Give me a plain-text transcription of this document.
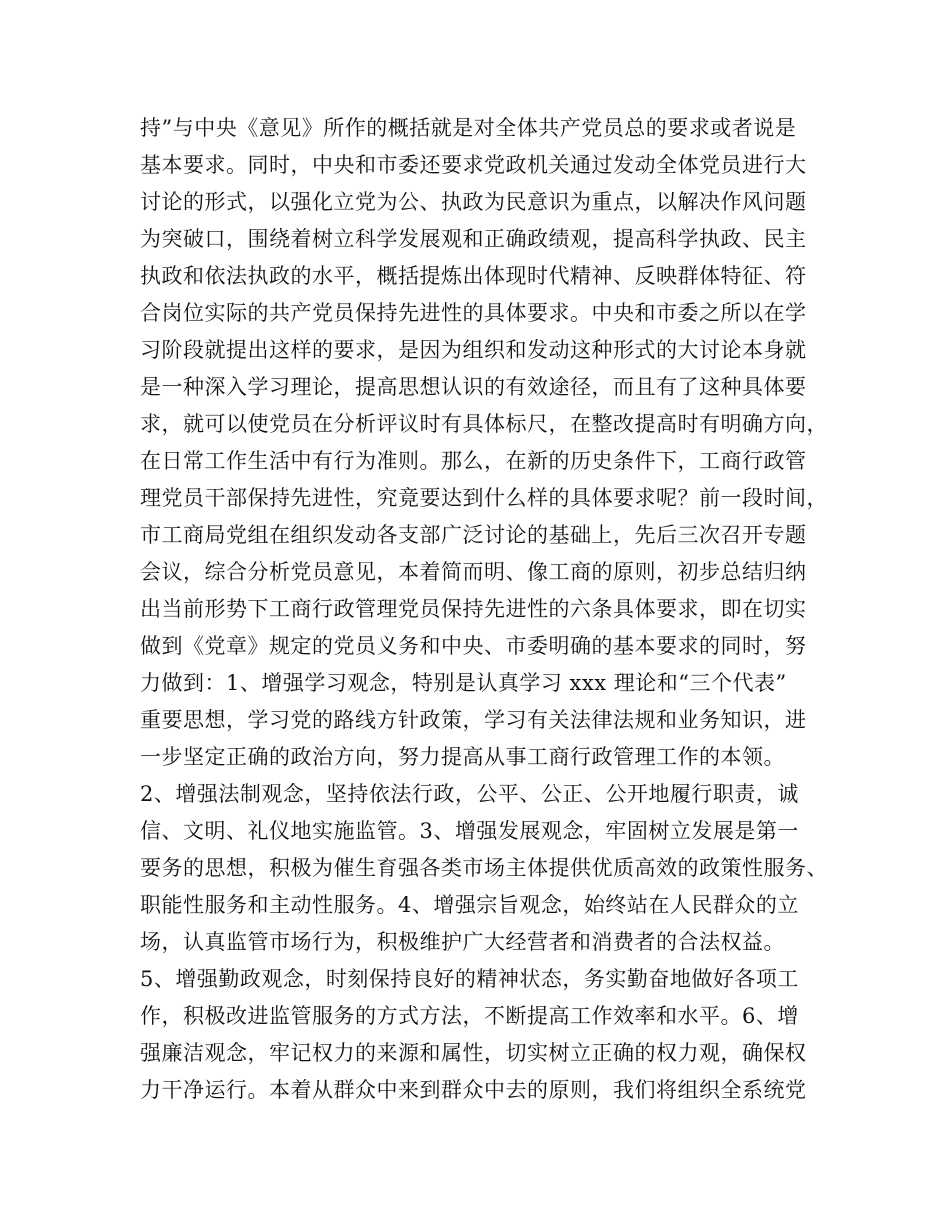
持”与中央《意见》所作的概括就是对全体共产党员总的要求或者说是
基本要求。同时，中央和市委还要求党政机关通过发动全体党员进行大
讨论的形式，以强化立党为公、执政为民意识为重点，以解决作风问题
为突破口，围绕着树立科学发展观和正确政绩观，提高科学执政、民主
执政和依法执政的水平，概括提炼出体现时代精神、反映群体特征、符
合岗位实际的共产党员保持先进性的具体要求。中央和市委之所以在学
习阶段就提出这样的要求，是因为组织和发动这种形式的大讨论本身就
是一种深入学习理论，提高思想认识的有效途径，而且有了这种具体要
求，就可以使党员在分析评议时有具体标尺，在整改提高时有明确方向，
在日常工作生活中有行为准则。那么，在新的历史条件下，工商行政管
理党员干部保持先进性，究竟要达到什么样的具体要求呢？前一段时间，
市工商局党组在组织发动各支部广泛讨论的基础上，先后三次召开专题
会议，综合分析党员意见，本着简而明、像工商的原则，初步总结归纳
出当前形势下工商行政管理党员保持先进性的六条具体要求，即在切实
做到《党章》规定的党员义务和中央、市委明确的基本要求的同时，努
力做到：1、增强学习观念，特别是认真学习 xxx 理论和“三个代表”
重要思想，学习党的路线方针政策，学习有关法律法规和业务知识，进
一步坚定正确的政治方向，努力提高从事工商行政管理工作的本领。
2、增强法制观念，坚持依法行政，公平、公正、公开地履行职责，诚
信、文明、礼仪地实施监管。3、增强发展观念，牢固树立发展是第一
要务的思想，积极为催生育强各类市场主体提供优质高效的政策性服务、
职能性服务和主动性服务。4、增强宗旨观念，始终站在人民群众的立
场，认真监管市场行为，积极维护广大经营者和消费者的合法权益。
5、增强勤政观念，时刻保持良好的精神状态，务实勤奋地做好各项工
作，积极改进监管服务的方式方法，不断提高工作效率和水平。6、增
强廉洁观念，牢记权力的来源和属性，切实树立正确的权力观，确保权
力干净运行。本着从群众中来到群众中去的原则，我们将组织全系统党
